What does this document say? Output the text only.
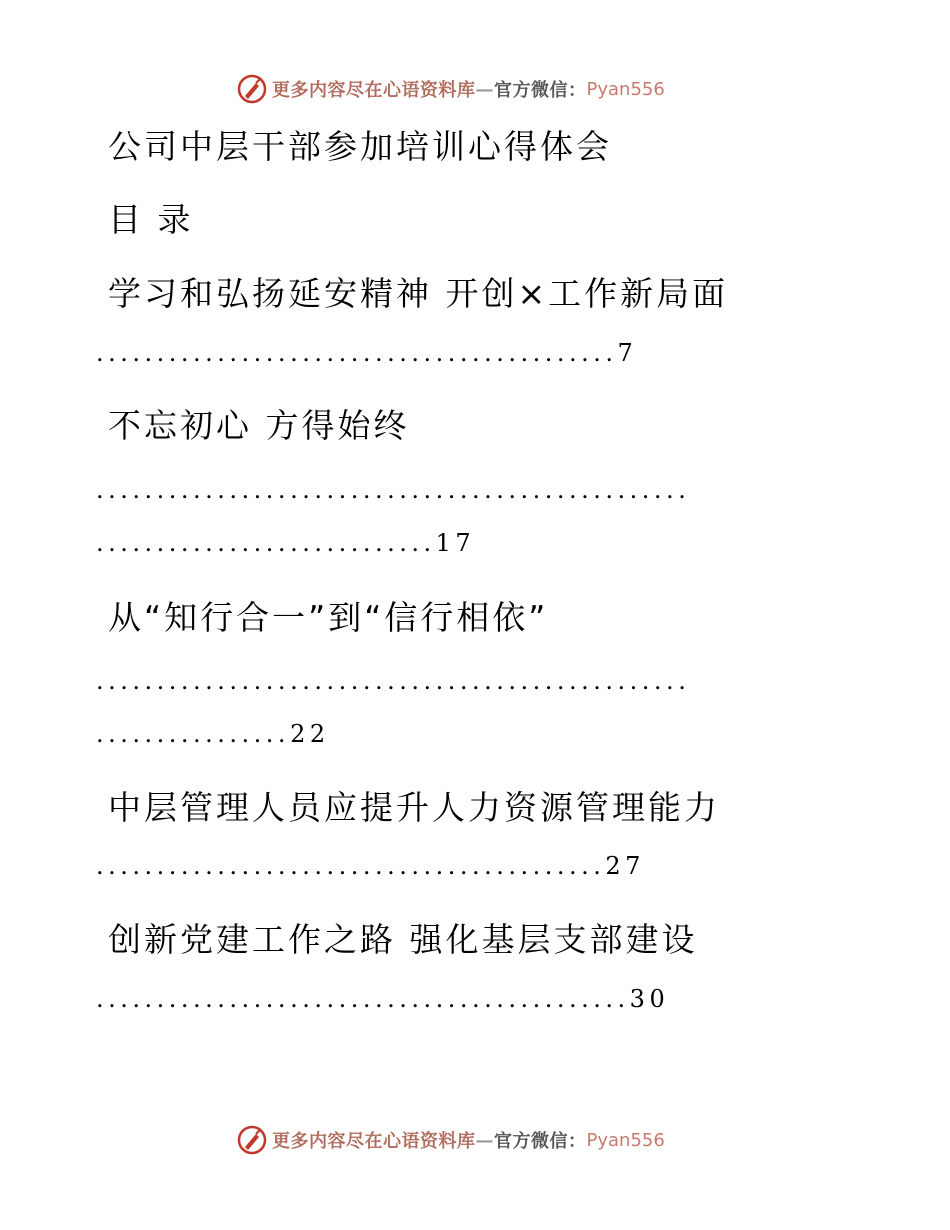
更多内容尽在心语资料库 — 官方微信： Pyan556
公司中层干部参加培训心得体会
目 录
学习和弘扬延安精神 开创×工作新局面
...........................................7
不忘初心 方得始终
.................................................
............................17
从“知行合一”到“信行相依”
.................................................
................22
中层管理人员应提升人力资源管理能力
..........................................27
创新党建工作之路 强化基层支部建设
............................................30
更多内容尽在心语资料库 — 官方微信： Pyan556
